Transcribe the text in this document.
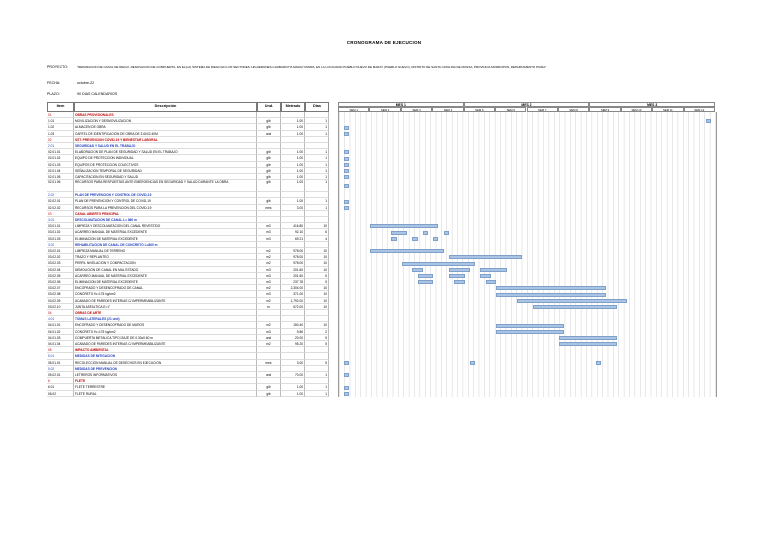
CRONOGRAMA DE EJECUCION
PROYECTO:	"REPARACION DE CANAL DE RIEGO, RENOVACION DE COMPUERTA, EN EL(LA) SISTEMA DE RIEGO EN LOS SECTORES: HIGUERONES-CHABARCITO-MARAY PAMPA, EN LA LOCALIDAD PUEBLO NUEVO DE MARAY (PUEBLO NUEVO), DISTRITO DE SANTA CATALINA DE MOSSA, PROVINCIA MORROPON, DEPARTAMENTO PIURA"
FECHA:	octubre-22
PLAZO:	90 DIAS CALENDARIOS
Item	Descripción	Und.	Metrado	Dias	MES 1	MES 2	MES 3
SEM 1	SEM 2	SEM 3	SEM 4	SEM 5	SEM 6	SEM 7	SEM 8	SEM 9	SEM 10	SEM 11	SEM 12
01	OBRAS PROVISIONALES
1.01	MOVILIZACION Y DESMOVILIZACION	glb	1.00	1
1.02	ALMACEN DE OBRA	glb	1.00	1
1.03	CARTEL DE IDENTIFICACION DE OBRA DE 3.60X2.40M	und	1.00	1
02	SST. PREVENCION COVID-19 Y BIENESTAR LABORAL
2.01	SEGURIDAD Y SALUD EN EL TRABAJO
02.01.01	ELABORACION DE PLAN DE SEGURIDAD Y SALUD EN EL TRABAJO	glb	1.00	1
02.01.02	EQUIPO DE PROTECCION INDIVIDUAL	glb	1.00	1
02.01.03	EQUIPOS DE PROTECCION COLECTIVOS	glb	1.00	1
02.01.04	SEÑALIZACION TEMPORAL DE SEGURIDAD	glb	1.00	1
02.01.05	CAPACITACION EN SEGURIDAD Y SALUD	glb	1.00	1
02.01.06	RECURSOS PARA RESPUESTAS ANTE EMERGENCIAS EN SEGURIDAD Y SALUD DURANTE LA OBRA	glb	1.00	1
2.02	PLAN DE PREVENCION Y CONTROL DE COVID-19
02.02.01	PLAN DE PREVENCION Y CONTROL DE COVID-19	glb	1.00	1
02.02.02	RECURSOS PARA LA PREVENCION DEL COVID-19	mes	3.00	1
03	CANAL ABIERTO PRINCIPAL
3.01	DESCOLMATACION DE CANAL L= 860 m
03.01.01	LIMPIEZA Y DESCOLMATACION DEL CANAL REVESTIDO	m3	416.80	10
03.01.02	ACARREO MANUAL DE MATERIAL EXCEDENTE	m3	92.10	6
03.01.03	ELIMINACION DE MATERIAL EXCEDENTE	m3	69.21	4
3.02	REHABILITACION DE CANAL DE CONCRETO L=860 m
03.02.01	LIMPIEZA MANUAL DE TERRENO	m2	978.00	10
03.02.02	TRAZO Y REPLANTEO	m2	978.00	10
03.02.03	PERFIL NIVELACION Y COMPACTACION	m2	978.00	10
03.02.04	DEMOLICION DE CANAL EN MAL ESTADO	m3	201.60	10
03.02.05	ACARREO MANUAL DE MATERIAL EXCEDENTE	m3	201.60	6
03.02.06	ELIMINACION DE MATERIAL EXCEDENTE	m3	237.78	5
03.02.07	ENCOFRADO Y DESENCOFRADO DE CANAL	m2	2,304.00	10
03.02.08	CONCRETO f'c=175 kg/cm2	m3	371.00	10
03.02.09	ACABADO DE PAREDES INTERIAS C/ IMPERMEABILIZANTE	m2	1,792.00	10
03.02.10	JUNTA ASFALTICA E=1"	m	672.00	10
04	OBRAS DE ARTE
4.01	TOMAS LATERALES (21 und)
04.01.01	ENCOFRADO Y DESENCOFRADO DE MUROS	m2	150.40	10
04.01.02	CONCRETO f'c=175 kg/cm2	m3	9.86	2
04.01.03	COMPUERTA METALICA TIPO IZAJE DE 0.30x0.60 m	und	20.00	5
04.01.04	ACABADO DE PAREDES INTERIAS C/ IMPERMEABILIZANTE	m2	95.20	5
05	IMPACTO AMBIENTAL
5.01	MEDIDAS DE MITIGACION
05.01.01	RECOLECCION MANUAL DE DESECHOS EN EJECUCION	mes	3.00	5
5.02	MEDIDAS DE PREVENCION
05.02.01	LETREROS INFORMATIVOS	und	70.00	1
6	FLETE
6.01	FLETE TERRESTRE	glb	1.00	1
06.02	FLETE RURAL	glb	1.00	1
